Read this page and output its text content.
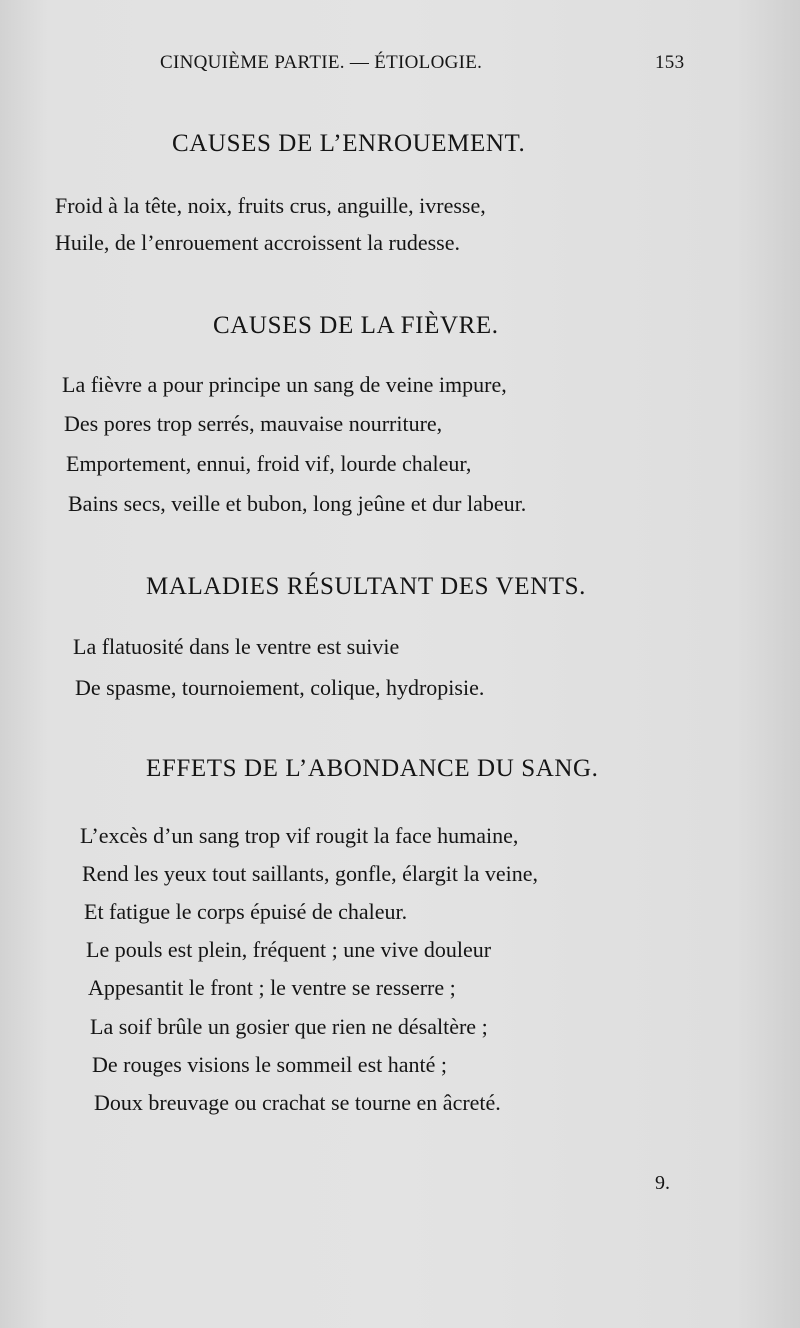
CINQUIÈME PARTIE. — ÉTIOLOGIE.	153
CAUSES DE L’ENROUEMENT.
Froid à la tête, noix, fruits crus, anguille, ivresse,
Huile, de l’enrouement accroissent la rudesse.
CAUSES DE LA FIÈVRE.
La fièvre a pour principe un sang de veine impure,
Des pores trop serrés, mauvaise nourriture,
Emportement, ennui, froid vif, lourde chaleur,
Bains secs, veille et bubon, long jeûne et dur labeur.
MALADIES RÉSULTANT DES VENTS.
La flatuosité dans le ventre est suivie
De spasme, tournoiement, colique, hydropisie.
EFFETS DE L’ABONDANCE DU SANG.
L’excès d’un sang trop vif rougit la face humaine,
Rend les yeux tout saillants, gonfle, élargit la veine,
Et fatigue le corps épuisé de chaleur.
Le pouls est plein, fréquent ; une vive douleur
Appesantit le front ; le ventre se resserre ;
La soif brûle un gosier que rien ne désaltère ;
De rouges visions le sommeil est hanté ;
Doux breuvage ou crachat se tourne en âcreté.
9.
